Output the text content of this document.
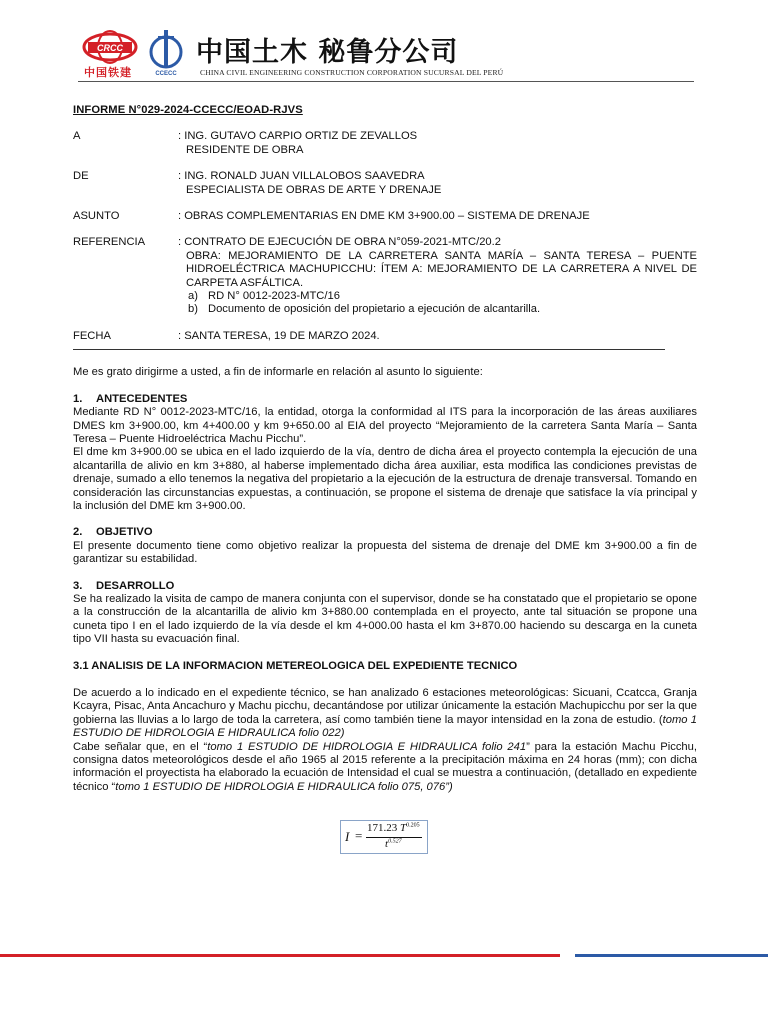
CRCC
中国铁建	CCECC
中国土木 秘鲁分公司
CHINA CIVIL ENGINEERING CONSTRUCTION CORPORATION SUCURSAL DEL PERÚ
INFORME N°029-2024-CCECC/EOAD-RJVS
A	: ING. GUTAVO CARPIO ORTIZ DE ZEVALLOS
RESIDENTE DE OBRA
DE	: ING. RONALD JUAN VILLALOBOS SAAVEDRA
ESPECIALISTA DE OBRAS DE ARTE Y DRENAJE
ASUNTO	: OBRAS COMPLEMENTARIAS EN DME KM 3+900.00 – SISTEMA DE DRENAJE
REFERENCIA	: CONTRATO DE EJECUCIÓN DE OBRA N°059-2021-MTC/20.2
OBRA: MEJORAMIENTO DE LA CARRETERA SANTA MARÍA – SANTA TERESA – PUENTE HIDROELÉCTRICA MACHUPICCHU: ÍTEM A: MEJORAMIENTO DE LA CARRETERA A NIVEL DE CARPETA ASFÁLTICA.
a) RD N° 0012-2023-MTC/16
b) Documento de oposición del propietario a ejecución de alcantarilla.
FECHA	: SANTA TERESA, 19 DE MARZO 2024.

Me es grato dirigirme a usted, a fin de informarle en relación al asunto lo siguiente:

1. ANTECEDENTES
Mediante RD N° 0012-2023-MTC/16, la entidad, otorga la conformidad al ITS para la incorporación de las áreas auxiliares DMES km 3+900.00, km 4+400.00 y km 9+650.00 al EIA del proyecto “Mejoramiento de la carretera Santa María – Santa Teresa – Puente Hidroeléctrica Machu Picchu”.
El dme km 3+900.00 se ubica en el lado izquierdo de la vía, dentro de dicha área el proyecto contempla la ejecución de una alcantarilla de alivio en km 3+880, al haberse implementado dicha área auxiliar, esta modifica las condiciones previstas de drenaje, sumado a ello tenemos la negativa del propietario a la ejecución de la estructura de drenaje transversal. Tomando en consideración las circunstancias expuestas, a continuación, se propone el sistema de drenaje que satisface la vía principal y la inclusión del DME km 3+900.00.
2. OBJETIVO
El presente documento tiene como objetivo realizar la propuesta del sistema de drenaje del DME km 3+900.00 a fin de garantizar su estabilidad.
3. DESARROLLO
Se ha realizado la visita de campo de manera conjunta con el supervisor, donde se ha constatado que el propietario se opone a la construcción de la alcantarilla de alivio km 3+880.00 contemplada en el proyecto, ante tal situación se propone una cuneta tipo I en el lado izquierdo de la vía desde el km 4+000.00 hasta el km 3+870.00 haciendo su descarga en la cuneta tipo VII hasta su evacuación final.
3.1 ANALISIS DE LA INFORMACION METEREOLOGICA DEL EXPEDIENTE TECNICO
De acuerdo a lo indicado en el expediente técnico, se han analizado 6 estaciones meteorológicas: Sicuani, Ccatcca, Granja Kcayra, Pisac, Anta Ancachuro y Machu picchu, decantándose por utilizar únicamente la estación Machupicchu por ser la que gobierna las lluvias a lo largo de toda la carretera, así como también tiene la mayor intensidad en la zona de estudio. (tomo 1 ESTUDIO DE HIDROLOGIA E HIDRAULICA folio 022)
Cabe señalar que, en el “tomo 1 ESTUDIO DE HIDROLOGIA E HIDRAULICA folio 241” para la estación Machu Picchu, consigna datos meteorológicos desde el año 1965 al 2015 referente a la precipitación máxima en 24 horas (mm); con dicha información el proyectista ha elaborado la ecuación de Intensidad el cual se muestra a continuación, (detallado en expediente técnico “tomo 1 ESTUDIO DE HIDROLOGIA E HIDRAULICA folio 075, 076”)
I = 171.23 $T^{0.205}$
$t^{0.527}$
